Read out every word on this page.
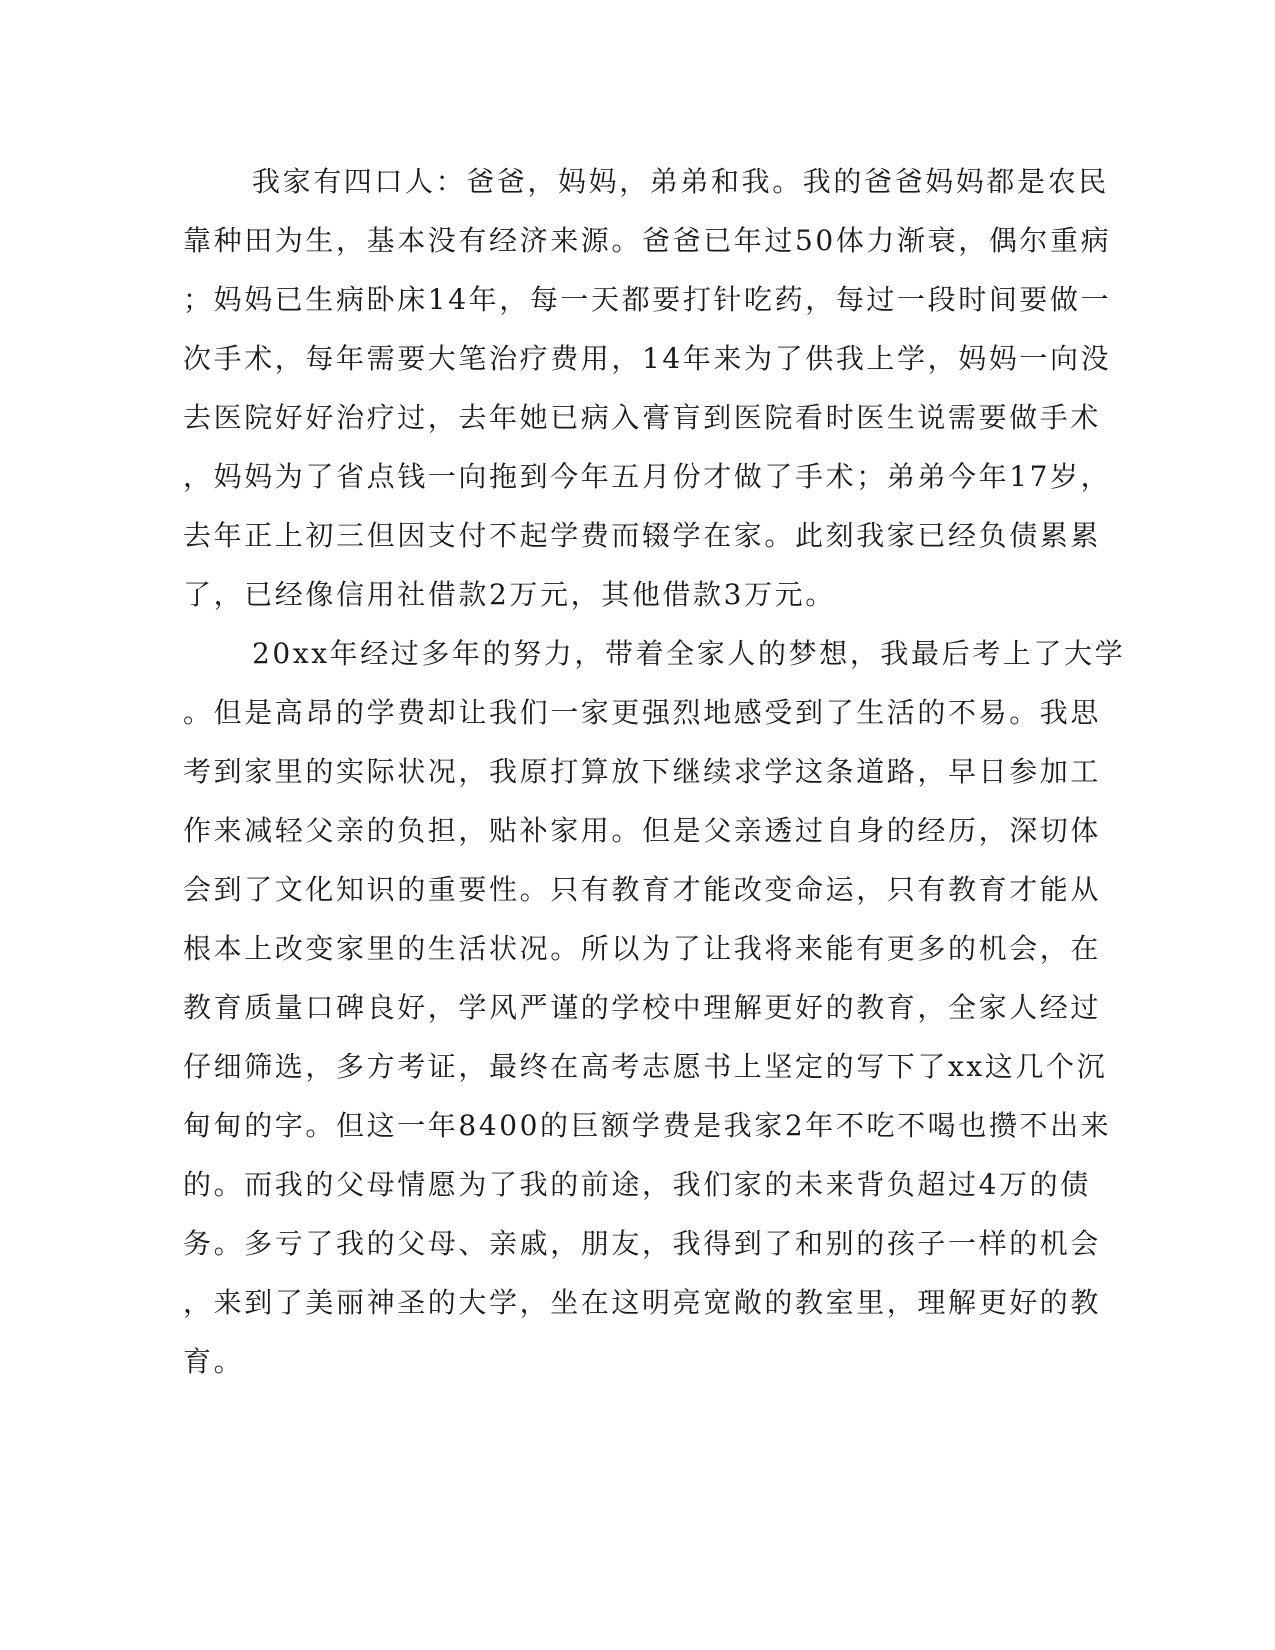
我家有四口人：爸爸，妈妈，弟弟和我。我的爸爸妈妈都是农民
靠种田为生，基本没有经济来源。爸爸已年过50体力渐衰，偶尔重病
；妈妈已生病卧床14年，每一天都要打针吃药，每过一段时间要做一
次手术，每年需要大笔治疗费用，14年来为了供我上学，妈妈一向没
去医院好好治疗过，去年她已病入膏肓到医院看时医生说需要做手术
，妈妈为了省点钱一向拖到今年五月份才做了手术；弟弟今年17岁，
去年正上初三但因支付不起学费而辍学在家。此刻我家已经负债累累
了，已经像信用社借款2万元，其他借款3万元。
20xx年经过多年的努力，带着全家人的梦想，我最后考上了大学
。但是高昂的学费却让我们一家更强烈地感受到了生活的不易。我思
考到家里的实际状况，我原打算放下继续求学这条道路，早日参加工
作来减轻父亲的负担，贴补家用。但是父亲透过自身的经历，深切体
会到了文化知识的重要性。只有教育才能改变命运，只有教育才能从
根本上改变家里的生活状况。所以为了让我将来能有更多的机会，在
教育质量口碑良好，学风严谨的学校中理解更好的教育，全家人经过
仔细筛选，多方考证，最终在高考志愿书上坚定的写下了xx这几个沉
甸甸的字。但这一年8400的巨额学费是我家2年不吃不喝也攒不出来
的。而我的父母情愿为了我的前途，我们家的未来背负超过4万的债
务。多亏了我的父母、亲戚，朋友，我得到了和别的孩子一样的机会
，来到了美丽神圣的大学，坐在这明亮宽敞的教室里，理解更好的教
育。
